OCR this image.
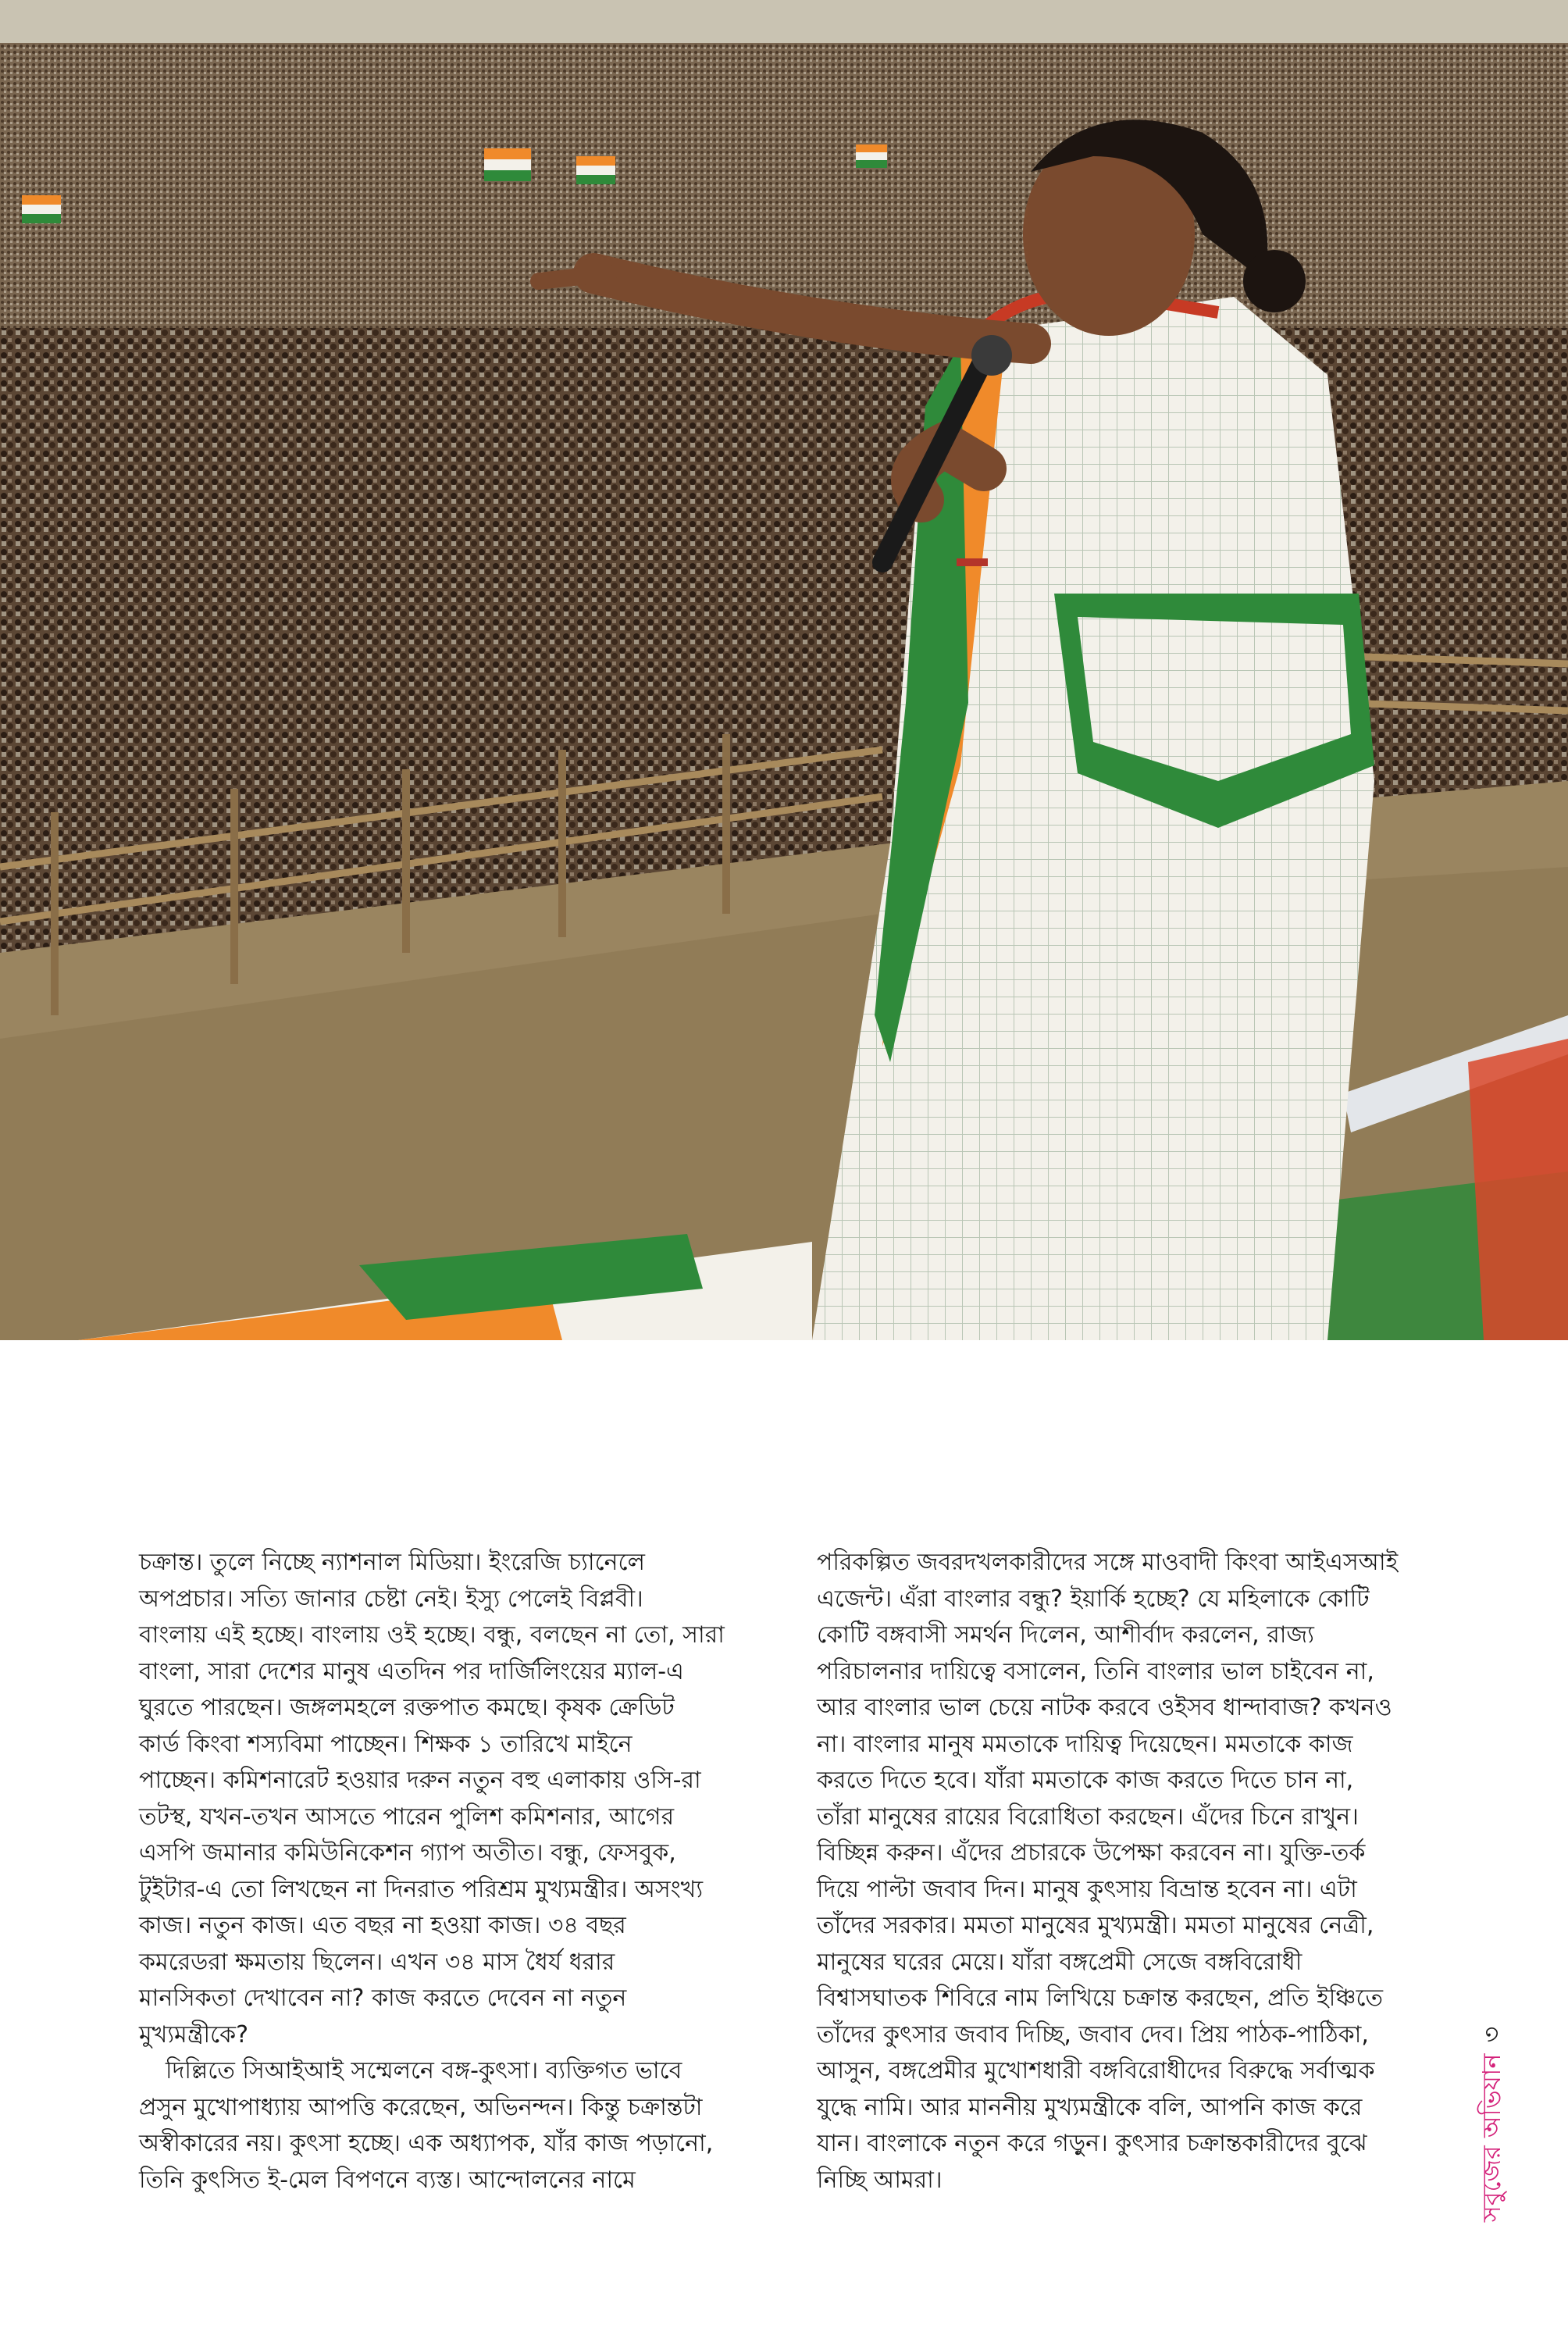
চক্রান্ত। তুলে নিচ্ছে ন্যাশনাল মিডিয়া। ইংরেজি চ্যানেলে
অপপ্রচার। সত্যি জানার চেষ্টা নেই। ইস্যু পেলেই বিপ্লবী।
বাংলায় এই হচ্ছে। বাংলায় ওই হচ্ছে। বন্ধু, বলছেন না তো, সারা
বাংলা, সারা দেশের মানুষ এতদিন পর দার্জিলিংয়ের ম্যাল-এ
ঘুরতে পারছেন। জঙ্গলমহলে রক্তপাত কমছে। কৃষক ক্রেডিট
কার্ড কিংবা শস্যবিমা পাচ্ছেন। শিক্ষক ১ তারিখে মাইনে
পাচ্ছেন। কমিশনারেট হওয়ার দরুন নতুন বহু এলাকায় ওসি-রা
তটস্থ, যখন-তখন আসতে পারেন পুলিশ কমিশনার, আগের
এসপি জমানার কমিউনিকেশন গ্যাপ অতীত। বন্ধু, ফেসবুক,
টুইটার-এ তো লিখছেন না দিনরাত পরিশ্রম মুখ্যমন্ত্রীর। অসংখ্য
কাজ। নতুন কাজ। এত বছর না হওয়া কাজ। ৩৪ বছর
কমরেডরা ক্ষমতায় ছিলেন। এখন ৩৪ মাস ধৈর্য ধরার
মানসিকতা দেখাবেন না? কাজ করতে দেবেন না নতুন
মুখ্যমন্ত্রীকে?
দিল্লিতে সিআইআই সম্মেলনে বঙ্গ-কুৎসা। ব্যক্তিগত ভাবে
প্রসুন মুখোপাধ্যায় আপত্তি করেছেন, অভিনন্দন। কিন্তু চক্রান্তটা
অস্বীকারের নয়। কুৎসা হচ্ছে। এক অধ্যাপক, যাঁর কাজ পড়ানো,
তিনি কুৎসিত ই-মেল বিপণনে ব্যস্ত। আন্দোলনের নামে
পরিকল্পিত জবরদখলকারীদের সঙ্গে মাওবাদী কিংবা আইএসআই
এজেন্ট। এঁরা বাংলার বন্ধু? ইয়ার্কি হচ্ছে? যে মহিলাকে কোটি
কোটি বঙ্গবাসী সমর্থন দিলেন, আশীর্বাদ করলেন, রাজ্য
পরিচালনার দায়িত্বে বসালেন, তিনি বাংলার ভাল চাইবেন না,
আর বাংলার ভাল চেয়ে নাটক করবে ওইসব ধান্দাবাজ? কখনও
না। বাংলার মানুষ মমতাকে দায়িত্ব দিয়েছেন। মমতাকে কাজ
করতে দিতে হবে। যাঁরা মমতাকে কাজ করতে দিতে চান না,
তাঁরা মানুষের রায়ের বিরোধিতা করছেন। এঁদের চিনে রাখুন।
বিচ্ছিন্ন করুন। এঁদের প্রচারকে উপেক্ষা করবেন না। যুক্তি-তর্ক
দিয়ে পাল্টা জবাব দিন। মানুষ কুৎসায় বিভ্রান্ত হবেন না। এটা
তাঁদের সরকার। মমতা মানুষের মুখ্যমন্ত্রী। মমতা মানুষের নেত্রী,
মানুষের ঘরের মেয়ে। যাঁরা বঙ্গপ্রেমী সেজে বঙ্গবিরোধী
বিশ্বাসঘাতক শিবিরে নাম লিখিয়ে চক্রান্ত করছেন, প্রতি ইঞ্চিতে
তাঁদের কুৎসার জবাব দিচ্ছি, জবাব দেব। প্রিয় পাঠক-পাঠিকা,
আসুন, বঙ্গপ্রেমীর মুখোশধারী বঙ্গবিরোধীদের বিরুদ্ধে সর্বাত্মক
যুদ্ধে নামি। আর মাননীয় মুখ্যমন্ত্রীকে বলি, আপনি কাজ করে
যান। বাংলাকে নতুন করে গড়ুন। কুৎসার চক্রান্তকারীদের বুঝে
নিচ্ছি আমরা।	সবুজের অভিযান৩
